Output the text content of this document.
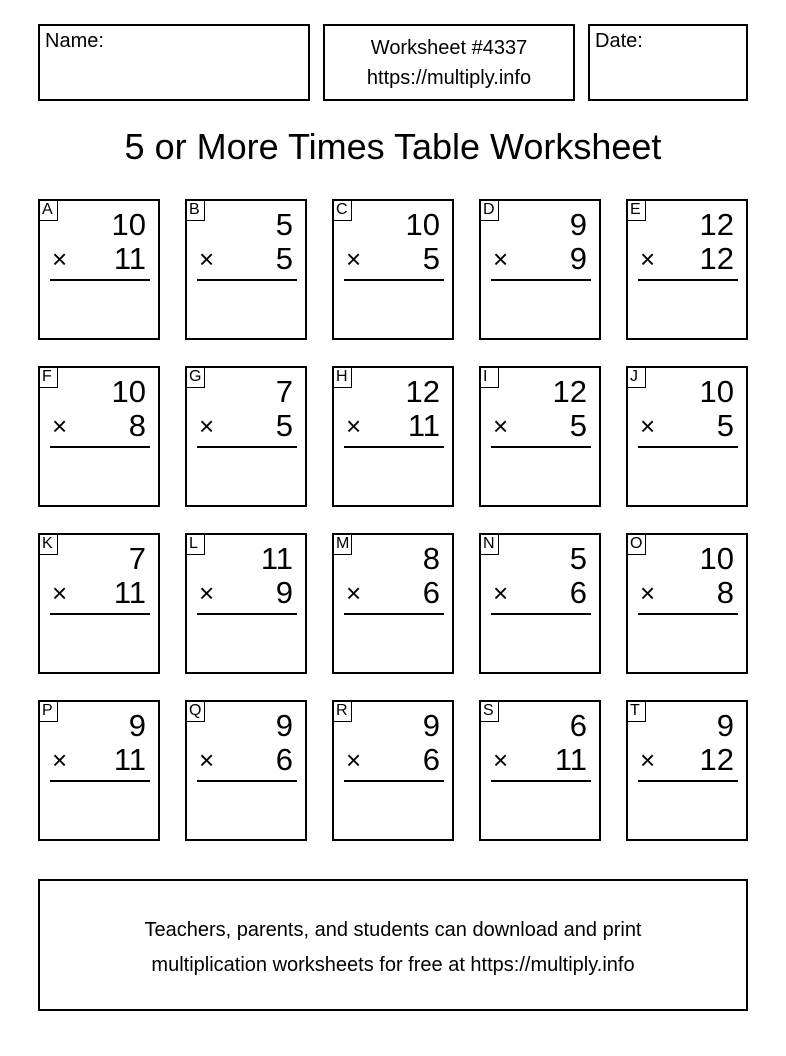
Name:	Worksheet #4337
https://multiply.info
Date:
5 or More Times Table Worksheet
A 10
× 11
B 5
× 5
C 10
× 5
D 9
× 9
E 12
× 12
F 10
× 8
G 7
× 5
H 12
× 11
I	12
× 5
J 10
× 5
K 7
× 11
L 11
× 9
M 8
× 6
N 5
× 6
O 10
× 8
P 9
× 11
Q 9
× 6
R 9
× 6
S 6
× 11
T 9
× 12
Teachers, parents, and students can download and print
multiplication worksheets for free at https://multiply.info
